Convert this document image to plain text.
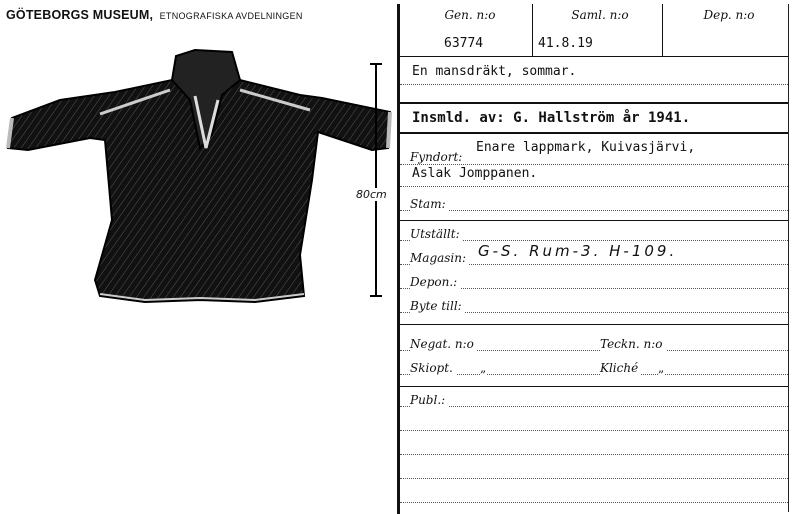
GÖTEBORGS MUSEUM, ETNOGRAFISKA AVDELNINGEN
80cm
Gen. n:o	Saml. n:o	Dep. n:o
63774	41.8.19
En mansdräkt, sommar.
Insmld. av: G. Hallström år 1941.
Fyndort:
Enare lappmark, Kuivasjärvi,
Aslak Jomppanen.
Stam:
Utställt:
Magasin: G-S. Rum-3. H-109.
Depon.:
Byte till:
Negat. n:o	Teckn. n:o
Skiopt. „	Kliché „
Publ.:
